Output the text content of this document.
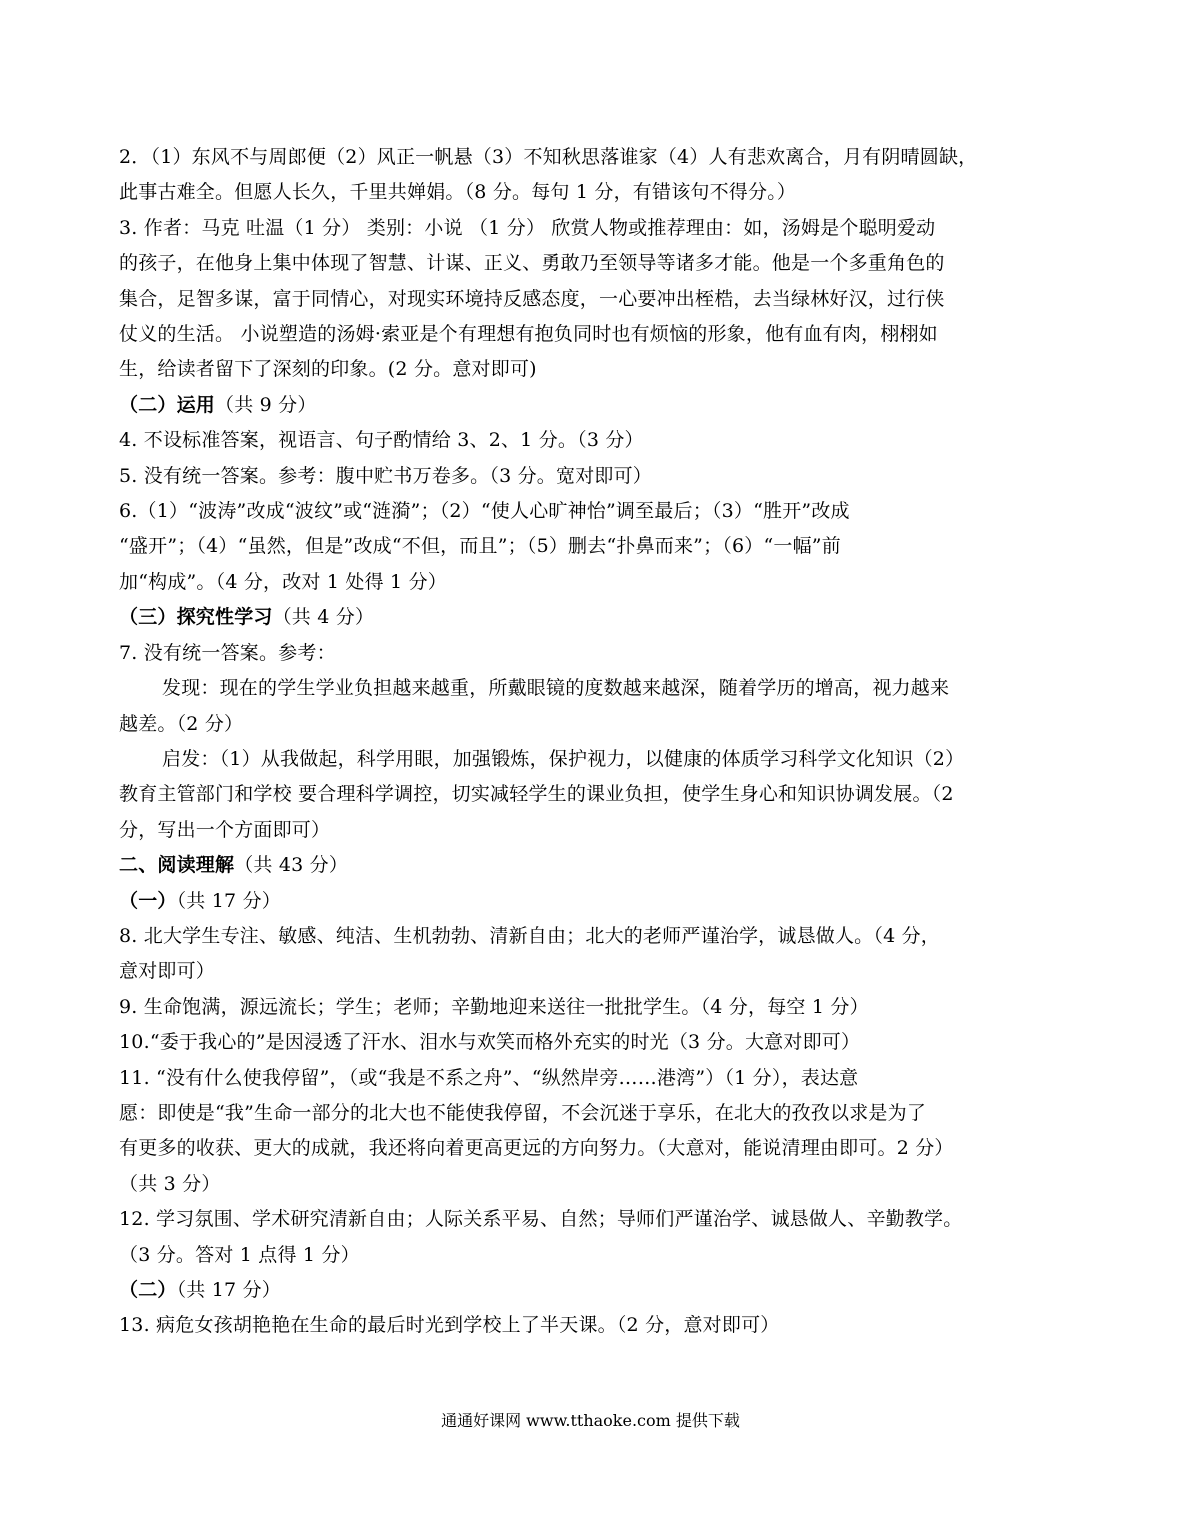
2．（1）东风不与周郎便（2）风正一帆悬（3）不知秋思落谁家（4）人有悲欢离合，月有阴晴圆缺，
此事古难全。但愿人长久，千里共婵娟。（8 分。每句 1 分，有错该句不得分。）
3. 作者：马克 吐温（1 分） 类别：小说 （1 分） 欣赏人物或推荐理由：如，汤姆是个聪明爱动
的孩子，在他身上集中体现了智慧、计谋、正义、勇敢乃至领导等诸多才能。他是一个多重角色的
集合，足智多谋，富于同情心，对现实环境持反感态度，一心要冲出桎梏，去当绿林好汉，过行侠
仗义的生活。 小说塑造的汤姆·索亚是个有理想有抱负同时也有烦恼的形象，他有血有肉，栩栩如
生，给读者留下了深刻的印象。(2 分。意对即可)
（二）运用（共 9 分）
4. 不设标准答案，视语言、句子酌情给 3、2、1 分。（3 分）
5. 没有统一答案。参考：腹中贮书万卷多。（3 分。宽对即可）
6.（1）“波涛”改成“波纹”或“涟漪”；（2）“使人心旷神怡”调至最后；（3）“胜开”改成
“盛开”；（4）“虽然，但是”改成“不但，而且”；（5）删去“扑鼻而来”；（6）“一幅”前
加“构成”。（4 分，改对 1 处得 1 分）
（三）探究性学习（共 4 分）
7. 没有统一答案。参考：
发现：现在的学生学业负担越来越重，所戴眼镜的度数越来越深，随着学历的增高，视力越来
越差。（2 分）
启发：（1）从我做起，科学用眼，加强锻炼，保护视力，以健康的体质学习科学文化知识（2）
教育主管部门和学校 要合理科学调控，切实减轻学生的课业负担，使学生身心和知识协调发展。（2
分，写出一个方面即可）
二、阅读理解（共 43 分）
（一）（共 17 分）
8. 北大学生专注、敏感、纯洁、生机勃勃、清新自由；北大的老师严谨治学，诚恳做人。（4 分，
意对即可）
9. 生命饱满，源远流长；学生；老师；辛勤地迎来送往一批批学生。（4 分，每空 1 分）
10.“委于我心的”是因浸透了汗水、泪水与欢笑而格外充实的时光（3 分。大意对即可）
11. “没有什么使我停留”，（或“我是不系之舟”、“纵然岸旁……港湾”）（1 分），表达意
愿：即使是“我”生命一部分的北大也不能使我停留，不会沉迷于享乐，在北大的孜孜以求是为了
有更多的收获、更大的成就，我还将向着更高更远的方向努力。（大意对，能说清理由即可。2 分）
（共 3 分）
12. 学习氛围、学术研究清新自由；人际关系平易、自然；导师们严谨治学、诚恳做人、辛勤教学。
（3 分。答对 1 点得 1 分）
（二）（共 17 分）
13. 病危女孩胡艳艳在生命的最后时光到学校上了半天课。（2 分，意对即可）
通通好课网 www.tthaoke.com 提供下载
